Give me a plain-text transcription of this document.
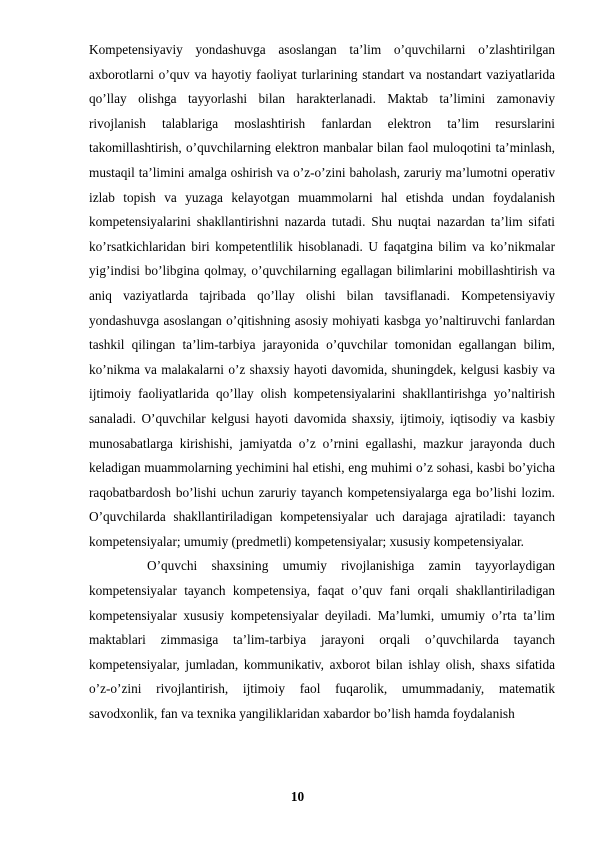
Kompetensiyaviy yondashuvga asoslangan ta’lim o’quvchilarni o’zlashtirilgan axborotlarni o’quv va hayotiy faoliyat turlarining standart va nostandart vaziyatlarida qo’llay olishga tayyorlashi bilan harakterlanadi. Maktab ta’limini zamonaviy rivojlanish talablariga moslashtirish fanlardan elektron ta’lim resurslarini takomillashtirish, o’quvchilarning elektron manbalar bilan faol muloqotini ta’minlash, mustaqil ta’limini amalga oshirish va o’z-o’zini baholash, zaruriy ma’lumotni operativ izlab topish va yuzaga kelayotgan muammolarni hal etishda undan foydalanish kompetensiyalarini shakllantirishni nazarda tutadi. Shu nuqtai nazardan ta’lim sifati ko’rsatkichlaridan biri kompetentlilik hisoblanadi. U faqatgina bilim va ko’nikmalar yig’indisi bo’libgina qolmay, o’quvchilarning egallagan bilimlarini mobillashtirish va aniq vaziyatlarda tajribada qo’llay olishi bilan tavsiflanadi. Kompetensiyaviy yondashuvga asoslangan o’qitishning asosiy mohiyati kasbga yo’naltiruvchi fanlardan tashkil qilingan ta’lim-tarbiya jarayonida o’quvchilar tomonidan egallangan bilim, ko’nikma va malakalarni o’z shaxsiy hayoti davomida, shuningdek, kelgusi kasbiy va ijtimoiy faoliyatlarida qo’llay olish kompetensiyalarini shakllantirishga yo’naltirish sanaladi. O’quvchilar kelgusi hayoti davomida shaxsiy, ijtimoiy, iqtisodiy va kasbiy munosabatlarga kirishishi, jamiyatda o’z o’rnini egallashi, mazkur jarayonda duch keladigan muammolarning yechimini hal etishi, eng muhimi o’z sohasi, kasbi bo’yicha raqobatbardosh bo’lishi uchun zaruriy tayanch kompetensiyalarga ega bo’lishi lozim. O’quvchilarda shakllantiriladigan kompetensiyalar uch darajaga ajratiladi: tayanch kompetensiyalar; umumiy (predmetli) kompetensiyalar; xususiy kompetensiyalar.

O’quvchi shaxsining umumiy rivojlanishiga zamin tayyorlaydigan kompetensiyalar tayanch kompetensiya, faqat o’quv fani orqali shakllantiriladigan kompetensiyalar xususiy kompetensiyalar deyiladi. Ma’lumki, umumiy o’rta ta’lim maktablari zimmasiga ta’lim-tarbiya jarayoni orqali o’quvchilarda tayanch kompetensiyalar, jumladan, kommunikativ, axborot bilan ishlay olish, shaxs sifatida o’z-o’zini rivojlantirish, ijtimoiy faol fuqarolik, umummadaniy, matematik savodxonlik, fan va texnika yangiliklaridan xabardor bo’lish hamda foydalanish

10
